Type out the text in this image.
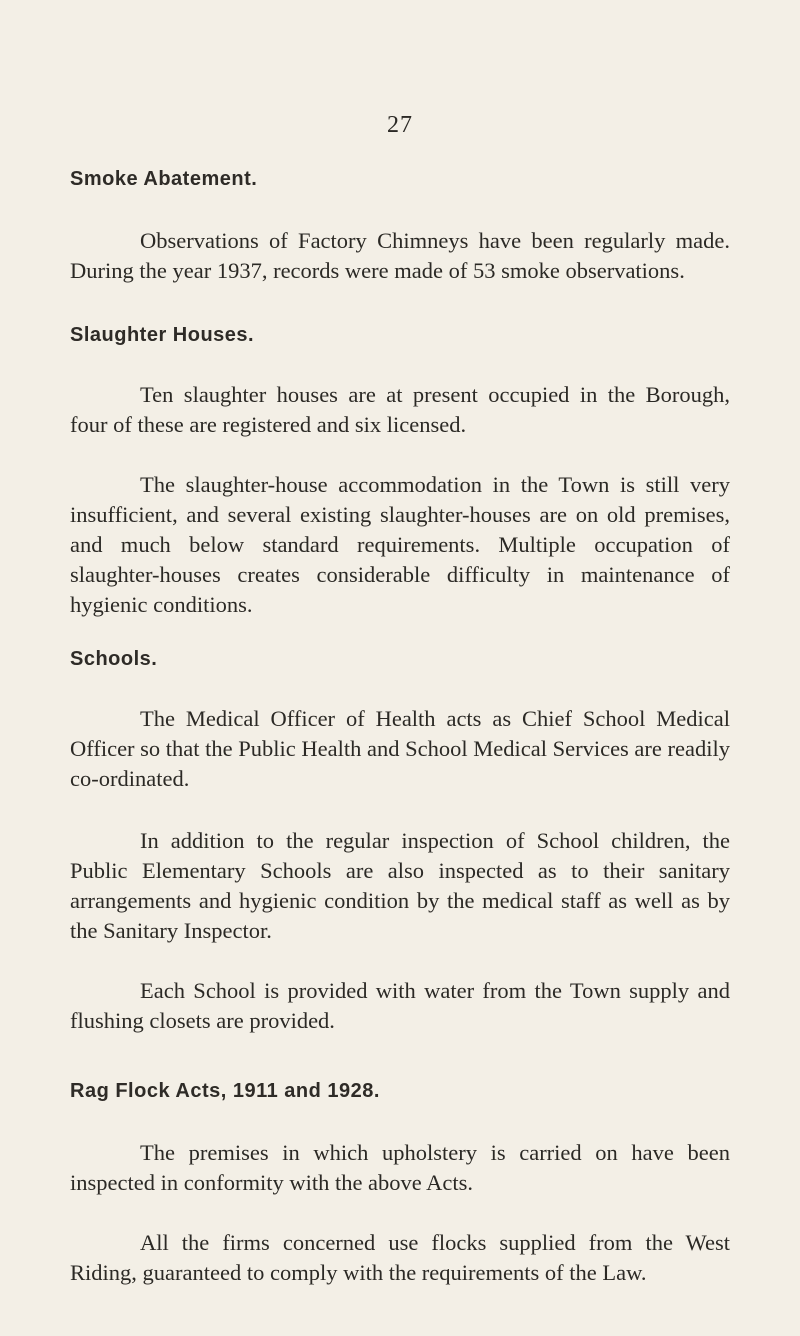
27
Smoke Abatement.

Observations of Factory Chimneys have been regularly made. During the year 1937, records were made of 53 smoke observations.

Slaughter Houses.

Ten slaughter houses are at present occupied in the Borough, four of these are registered and six licensed.

The slaughter-house accommodation in the Town is still very insufficient, and several existing slaughter-houses are on old premises, and much below standard requirements. Multiple occupation of slaughter-houses creates considerable difficulty in maintenance of hygienic conditions.

Schools.

The Medical Officer of Health acts as Chief School Medical Officer so that the Public Health and School Medical Services are readily co-ordinated.

In addition to the regular inspection of School children, the Public Elementary Schools are also inspected as to their sanitary arrangements and hygienic condition by the medical staff as well as by the Sanitary Inspector.

Each School is provided with water from the Town supply and flushing closets are provided.

Rag Flock Acts, 1911 and 1928.

The premises in which upholstery is carried on have been inspected in conformity with the above Acts.

All the firms concerned use flocks supplied from the West Riding, guaranteed to comply with the requirements of the Law.
